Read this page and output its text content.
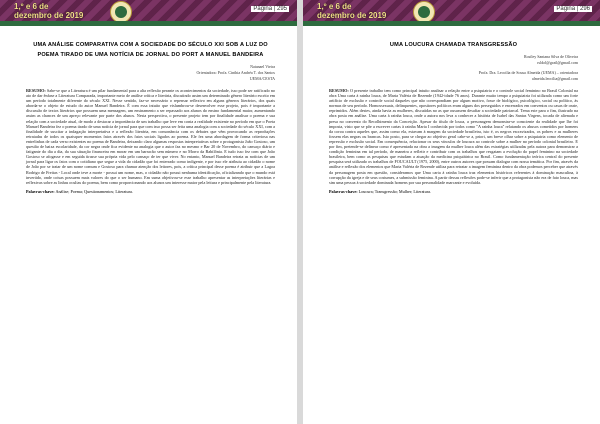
1,º e 6 de
dezembro de 2019
Página | 295
UMA ANÁLISE COMPARATIVA COM A SOCIEDADE DO SÉCULO XXI SOB A LUZ DO POEMA TIRADO DE UMA NOTÍCIA DE JORNAL DO PORT A MANUEL BANDEIRA
Natanael Vieira
Orientadora: Profa. Cinthia Andréa T. dos Santos
UEMA/CESTA

RESUMO: Sabe-se que a Literatura é um pilar fundamental para a alta reflexão perante os acontecimentos da sociedade, isso pode ser ratificado no ato de dar ênfase a Literatura Comparada, importante meio de análise crítica e literária, discutindo assim um determinado gênero literário escrito em um período totalmente diferente do século XXI. Nesse sentido, faz-se necessário o repensar reflexivo em alguns gêneros literários, dos quais aborda-se o objeto de estudo do autor Manuel Bandeira. É com essa intuito que vislumbrou-se desenvolver esse projeto, pois é importante a discussão de textos literários que possuem uma mensagem, um ensinamento a ser repassado aos alunos do ensino fundamental maior, aumentando assim as chances de um apreço relevante por parte dos alunos. Nesta perspectiva, o presente projeto tem por finalidade analisar o poema e sua relação com a sociedade atual, de modo a destacar a importância de um trabalho que leve em conta a realidade existente no período em que o Poeta Manuel Bandeira fez o poema tirado de uma notícia de jornal para que com isso possa ser feita uma analogia com a sociedade do século XXI, com a finalidade de suscitar a indagação interpretativa e a reflexão literária, em consonância com os debates que vêm provocando as reproduções retratadas de todos os quaisquer momentos fatos através dos fatos sociais ligados ao poema. Ele fez uma abordagem de forma criteriosa nas entrelinhas de cada verso existentes no poema de Bandeira, deixando claro algumas respostas interpretativas sobre o protagonista João Gostoso, um questão de baixa escolaridade, da cor negra onde fica evidente na analogia que o autor faz no mesmo e Bar 20 de Novembro, do cansaço diário e fatigante do dia a dia, da sua situação financeira em morar em um barracão sem número e no Morro da Babilônia. E tudo isso fez com que João Gostoso se afogasse e em seguida tirasse sua própria vida pelo cansaço de ter que viver. No entanto, Manuel Bandeira retrata as notícias de um jornal para ligar os fatos com o cotidiano que segue a vida do cidadão que foi enterrado como indigente, e por isso ele atribuiu ao cidadão o nome de João por se tratar de um nome comum e Gostoso para chamar atenção dos leitores, pois, a crítica principal desse poema é atribuir que a Lagoa Rodrigo de Freitas - Local onde teve a morte - possui um nome, mas, o cidadão não possui nenhuma identificação, oficializando que o mundo está invertido, onde coisas possuem mais valores do que o ser humano. Em suma objetivou-se esse trabalho apresentar as interpretações literárias e reflexivas sobre as linhas ocultas do poema, bem como proporcionando aos alunos um interesse maior pela leitura e principalmente pela literatura.

Palavras-chave: Análise; Poema; Questionamentos; Literatura.
1,º e 6 de
dezembro de 2019
Página | 296
UMA LOUCURA CHAMADA TRANSGRESSÃO
Rosiley Santana Silva de Oliveira
rsldol@grail@gmail.com
Profa. Dra. Leocilia de Sousa Almeida (UEMA) – orientadora
almeida.leocilia@gmail.com

RESUMO: O presente trabalho tem como principal intuito analisar a relação entre a psiquiatria e o controle social feminino no Brasil Colonial na obra Uma carta à rainha louca, de Maria Valéria de Rezende (1942-idade 76 anos). Durante muito tempo a psiquiatria foi utilizada como um forte artifício de exclusão e controle social daqueles que não correspondiam por algum motivo, fosse de biológico, psicológico, social ou político, às normas de seu período. Homossexuais, delinquentes, opositores políticos eram alguns dos perseguidos e encerrados em conventos ou casas de orate, reprimidos. Além destes, ainda havia as mulheres, discutidas no as que ousassem desafiar a sociedade patriarcal. Tema este para o fim, ilustrado na obra posta em análise. Uma carta à rainha louca, onde a autora nos leva a conhecer a história de Isabel das Santas Virgens, tocada de alienada e presa no convento do Recolhimento da Conceição. Apesar do título de louca, a personagem demonstra-se consciente da realidade que lhe foi imposta, visto que se põe a escrever cartas à rainha Maria I conhecida por todos como "A rainha louca" relatando os abusos cometidos por homens da coroa contra aqueles que, assim como ela, estavam à margem da sociedade brasileira, isto é, os negros escravizados, os pobres e as mulheres fossem elas negras ou brancas. Isto posto, para se chegar ao objetivo geral cabe-se a, priori, um breve olhar sobre a psiquiatria como elemento de repressão e exclusão social. Em consequência, relacionar os seus vínculos de loucura ao controle sobre a mulher no período colonial brasileiro. E por fim, pretende-se delinear como é apresentada na obra a imagem da mulher louca além das estratégias utilizadas pela autora para demonstrar a condição feminina em tal período, de maneira a refletir e contribuir com os trabalhos que resgatam a evolução do papel feminino na sociedade brasileira, bem como as pesquisas que estudam a atuação da medicina psiquiátrica no Brasil. Como fundamentação teórica central do presente pesquisa será utilizado os trabalhos de FOUCAULT (1975, 2000), entre outros autores que possam dialogar com nossa temática. Por fim, através da análise e reflexão dos elementos que Maria Valéria de Rezende utiliza para retratar a imagem feminina dentro da obra podemos perceber que através da personagem posta em questão, consideramos que Uma carta à rainha louca traz elementos históricos referentes à dominação masculina, à corrupção da igreja e de seus costumes, a submissão feminina. A partir dessas reflexões pode-se inferir que a protagonista não era de fato louca, mas sim uma pessoa à sociedade dominada homens por sua personalidade marcante e evoluída.

Palavras-chave: Loucura; Transgressão; Mulher; Literatura.
